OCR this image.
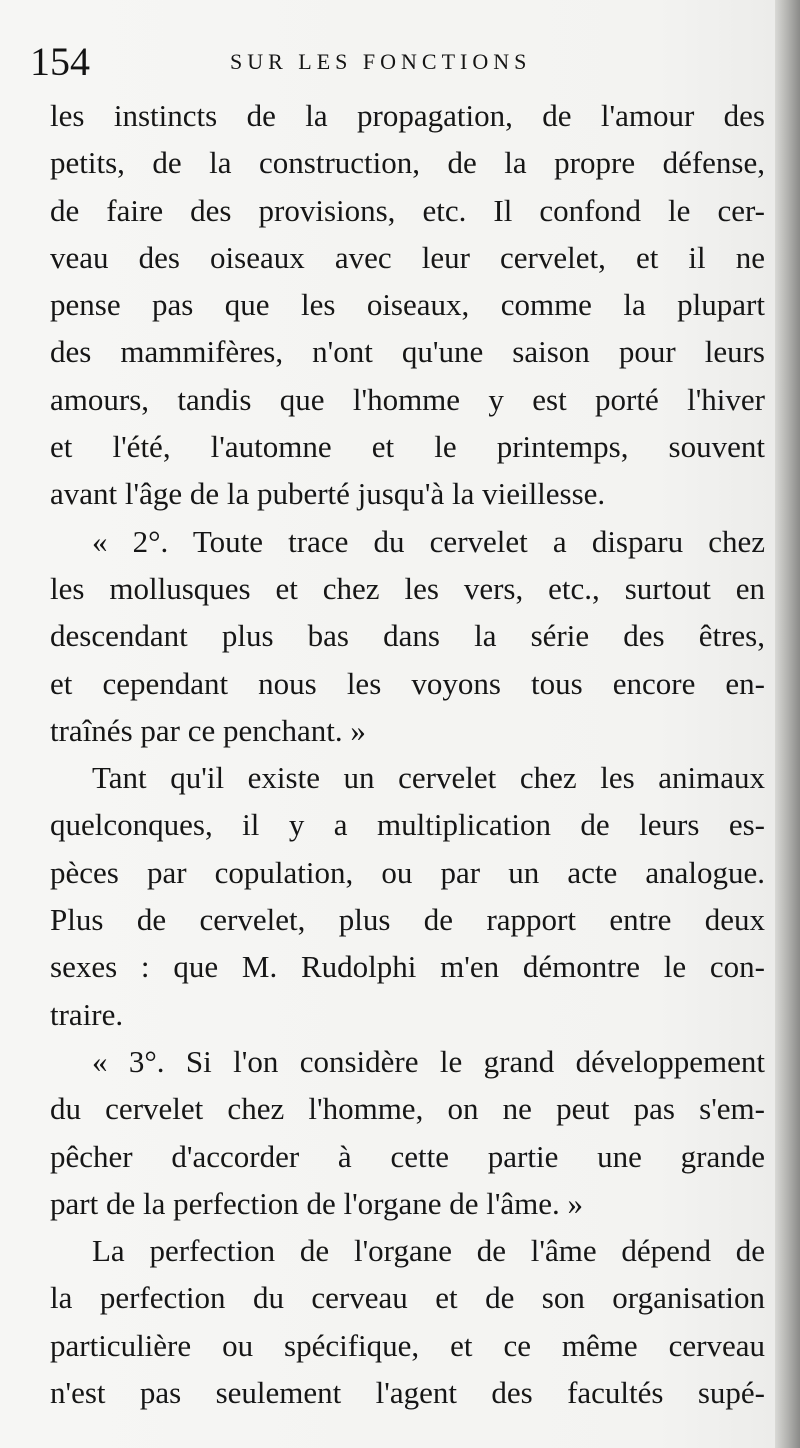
154	SUR LES FONCTIONS
les instincts de la propagation, de l'amour des
petits, de la construction, de la propre défense,
de faire des provisions, etc. Il confond le cer-
veau des oiseaux avec leur cervelet, et il ne
pense pas que les oiseaux, comme la plupart
des mammifères, n'ont qu'une saison pour leurs
amours, tandis que l'homme y est porté l'hiver
et l'été, l'automne et le printemps, souvent
avant l'âge de la puberté jusqu'à la vieillesse.
« 2°. Toute trace du cervelet a disparu chez
les mollusques et chez les vers, etc., surtout en
descendant plus bas dans la série des êtres,
et cependant nous les voyons tous encore en-
traînés par ce penchant. »
Tant qu'il existe un cervelet chez les animaux
quelconques, il y a multiplication de leurs es-
pèces par copulation, ou par un acte analogue.
Plus de cervelet, plus de rapport entre deux
sexes : que M. Rudolphi m'en démontre le con-
traire.
« 3°. Si l'on considère le grand développement
du cervelet chez l'homme, on ne peut pas s'em-
pêcher d'accorder à cette partie une grande
part de la perfection de l'organe de l'âme. »
La perfection de l'organe de l'âme dépend de
la perfection du cerveau et de son organisation
particulière ou spécifique, et ce même cerveau
n'est pas seulement l'agent des facultés supé-
